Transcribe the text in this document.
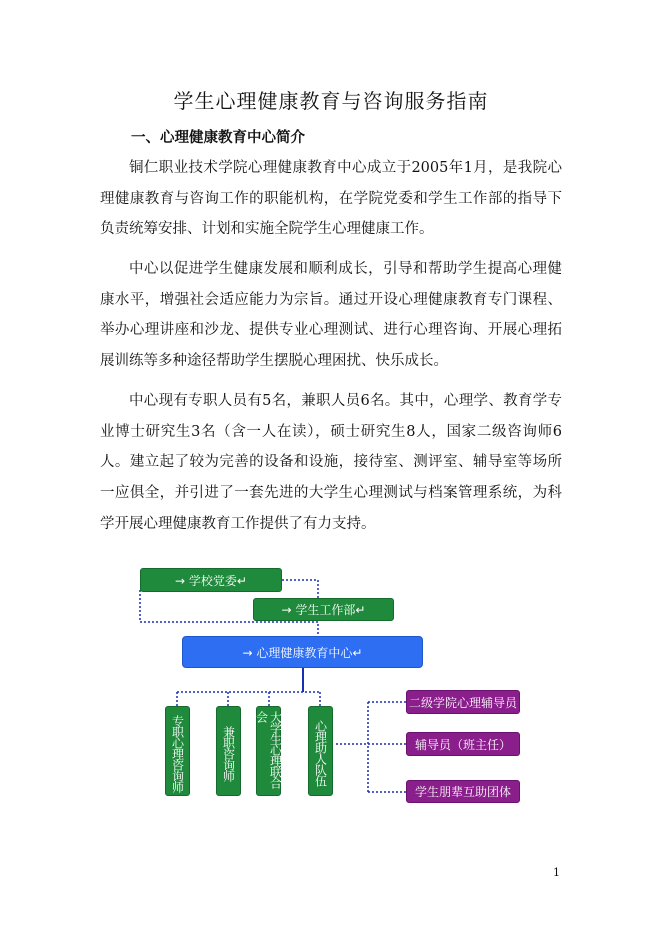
学生心理健康教育与咨询服务指南
一、心理健康教育中心简介
铜仁职业技术学院心理健康教育中心成立于2005年1月，是我院心理健康教育与咨询工作的职能机构，在学院党委和学生工作部的指导下负责统筹安排、计划和实施全院学生心理健康工作。
中心以促进学生健康发展和顺利成长，引导和帮助学生提高心理健康水平，增强社会适应能力为宗旨。通过开设心理健康教育专门课程、举办心理讲座和沙龙、提供专业心理测试、进行心理咨询、开展心理拓展训练等多种途径帮助学生摆脱心理困扰、快乐成长。
中心现有专职人员有5名，兼职人员6名。其中，心理学、教育学专业博士研究生3名（含一人在读），硕士研究生8人，国家二级咨询师6人。建立起了较为完善的设备和设施，接待室、测评室、辅导室等场所一应俱全，并引进了一套先进的大学生心理测试与档案管理系统，为科学开展心理健康教育工作提供了有力支持。
→ 学校党委↵
→ 学生工作部↵
→ 心理健康教育中心↵
专职心理咨询师	兼职咨询师	大学生心理联合会
心理助人队伍
二级学院心理辅导员
辅导员（班主任）
学生朋辈互助团体
1
